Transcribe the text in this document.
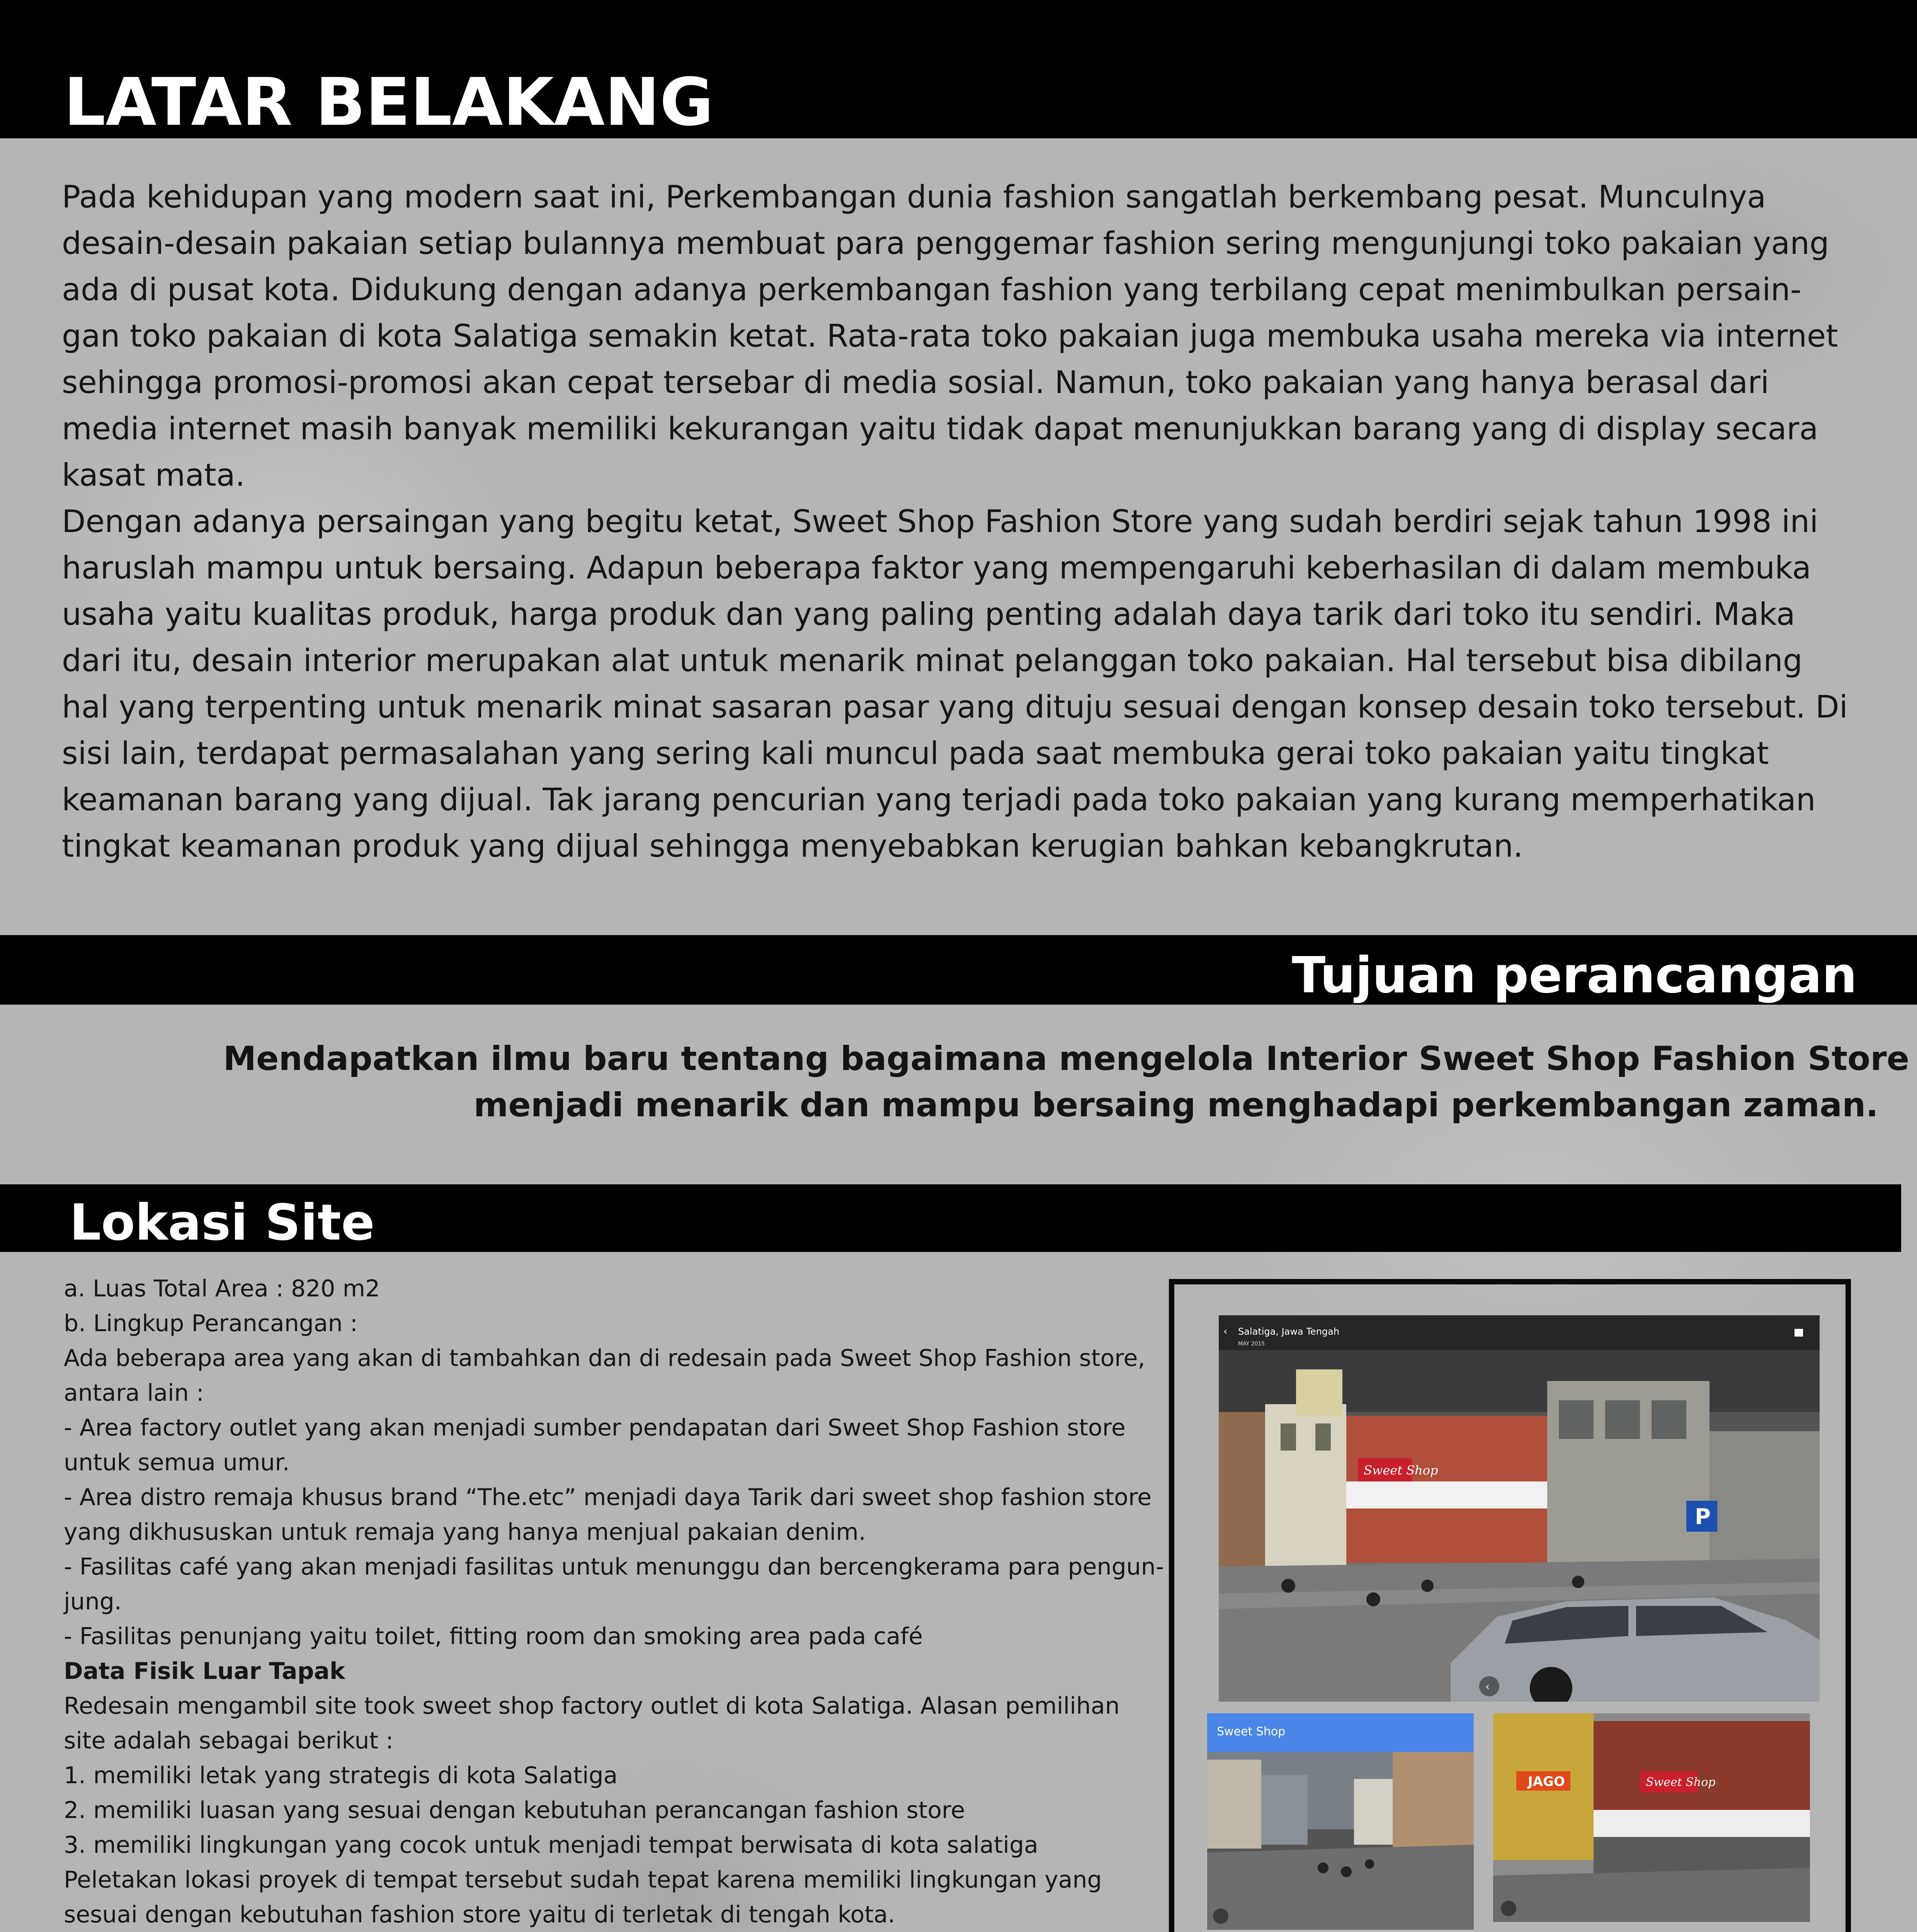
LATAR BELAKANG

Pada kehidupan yang modern saat ini, Perkembangan dunia fashion sangatlah berkembang pesat. Munculnya desain-desain pakaian setiap bulannya membuat para penggemar fashion sering mengunjungi toko pakaian yang ada di pusat kota. Didukung dengan adanya perkembangan fashion yang terbilang cepat menimbulkan persain-gan toko pakaian di kota Salatiga semakin ketat. Rata-rata toko pakaian juga membuka usaha mereka via internet sehingga promosi-promosi akan cepat tersebar di media sosial. Namun, toko pakaian yang hanya berasal dari media internet masih banyak memiliki kekurangan yaitu tidak dapat menunjukkan barang yang di display secara kasat mata.

Dengan adanya persaingan yang begitu ketat, Sweet Shop Fashion Store yang sudah berdiri sejak tahun 1998 ini haruslah mampu untuk bersaing. Adapun beberapa faktor yang mempengaruhi keberhasilan di dalam membuka usaha yaitu kualitas produk, harga produk dan yang paling penting adalah daya tarik dari toko itu sendiri. Maka dari itu, desain interior merupakan alat untuk menarik minat pelanggan toko pakaian. Hal tersebut bisa dibilang hal yang terpenting untuk menarik minat sasaran pasar yang dituju sesuai dengan konsep desain toko tersebut. Di sisi lain, terdapat permasalahan yang sering kali muncul pada saat membuka gerai toko pakaian yaitu tingkat keamanan barang yang dijual. Tak jarang pencurian yang terjadi pada toko pakaian yang kurang memperhatikan tingkat keamanan produk yang dijual sehingga menyebabkan kerugian bahkan kebangkrutan.

Tujuan perancangan
Mendapatkan ilmu baru tentang bagaimana mengelola Interior Sweet Shop Fashion Store
menjadi menarik dan mampu bersaing menghadapi perkembangan zaman.
Lokasi Site
a. Luas Total Area : 820 m2
b. Lingkup Perancangan :
Ada beberapa area yang akan di tambahkan dan di redesain pada Sweet Shop Fashion store,
antara lain :
- Area factory outlet yang akan menjadi sumber pendapatan dari Sweet Shop Fashion store
untuk semua umur.
- Area distro remaja khusus brand “The.etc” menjadi daya Tarik dari sweet shop fashion store
yang dikhususkan untuk remaja yang hanya menjual pakaian denim.
- Fasilitas café yang akan menjadi fasilitas untuk menunggu dan bercengkerama para pengun-
jung.
- Fasilitas penunjang yaitu toilet, fitting room dan smoking area pada café
Data Fisik Luar Tapak
Redesain mengambil site took sweet shop factory outlet di kota Salatiga. Alasan pemilihan
site adalah sebagai berikut :
1. memiliki letak yang strategis di kota Salatiga
2. memiliki luasan yang sesuai dengan kebutuhan perancangan fashion store
3. memiliki lingkungan yang cocok untuk menjadi tempat berwisata di kota salatiga
Peletakan lokasi proyek di tempat tersebut sudah tepat karena memiliki lingkungan yang
sesuai dengan kebutuhan fashion store yaitu di terletak di tengah kota.
Sweet Shop
P
Salatiga, Jawa Tengah
MAY 2015
‹
‹
Sweet Shop
JAGO	Sweet Shop
